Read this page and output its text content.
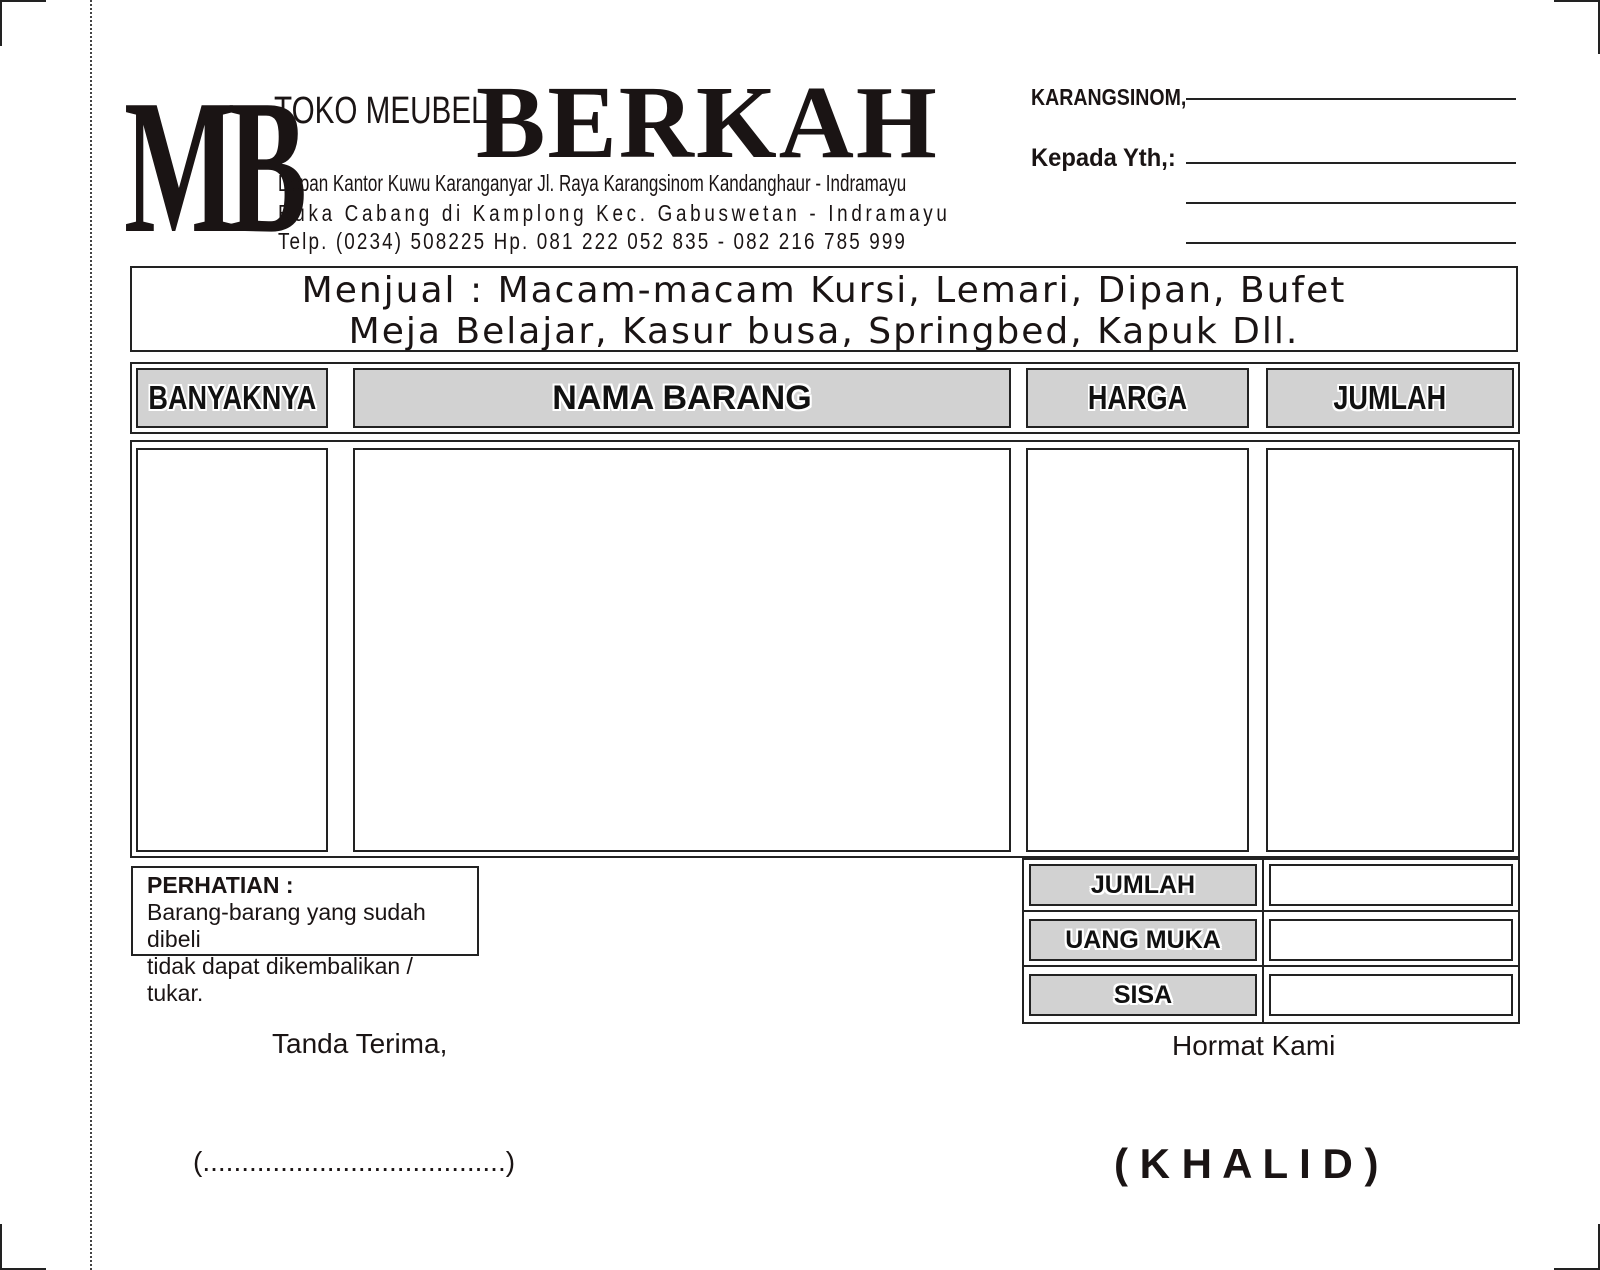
MB
TOKO MEUBEL
BERKAH
Depan Kantor Kuwu Karanganyar Jl. Raya Karangsinom Kandanghaur - Indramayu
Buka Cabang di Kamplong Kec. Gabuswetan - Indramayu
Telp. (0234) 508225 Hp. 081 222 052 835 - 082 216 785 999
KARANGSINOM,
Kepada Yth,:
Menjual : Macam-macam Kursi, Lemari, Dipan, Bufet
Meja Belajar, Kasur busa, Springbed, Kapuk Dll.
BANYAKNYA	NAMA BARANG	HARGA	JUMLAH
PERHATIAN :
Barang-barang yang sudah dibeli
tidak dapat dikembalikan / tukar.
JUMLAH
UANG MUKA
SISA
Tanda Terima,
(.......................................)
Hormat Kami
( K H A L I D )
